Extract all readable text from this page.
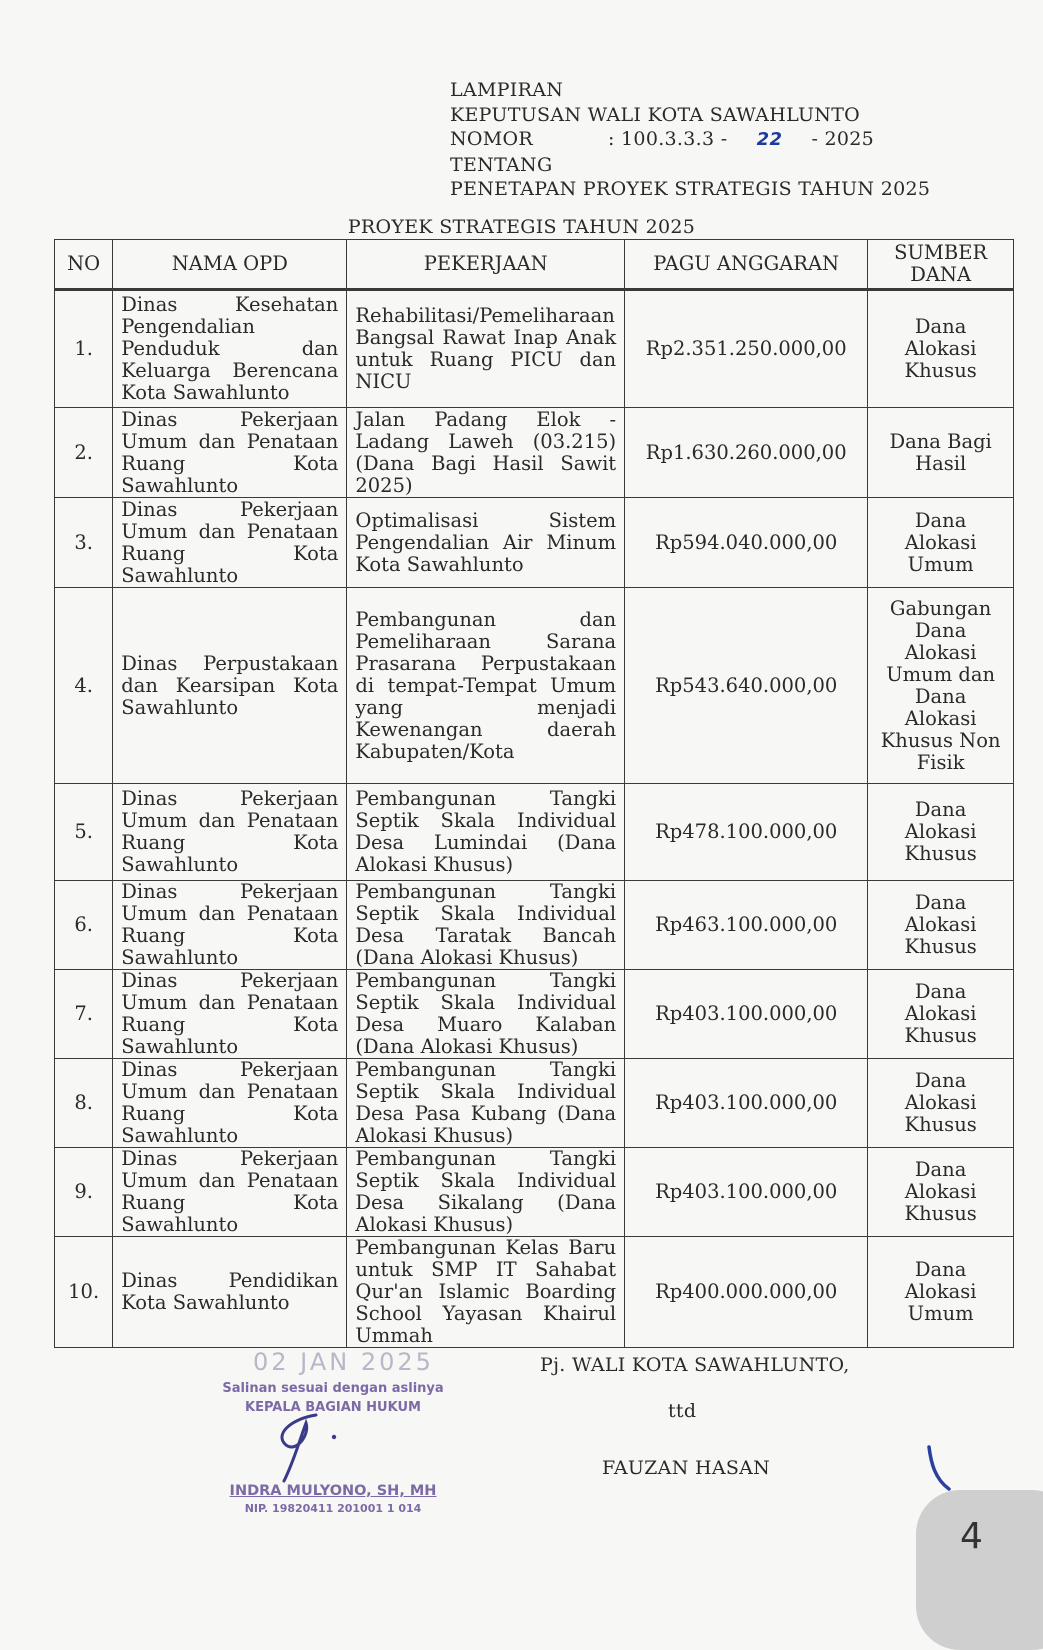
LAMPIRAN
KEPUTUSAN WALI KOTA SAWAHLUNTO
NOMOR	: 100.3.3.3 - 22 - 2025
TENTANG
PENETAPAN PROYEK STRATEGIS TAHUN 2025
PROYEK STRATEGIS TAHUN 2025
NO	NAMA OPD	PEKERJAAN	PAGU ANGGARAN	SUMBER DANA
1.	Dinas Kesehatan Pengendalian Penduduk dan Keluarga Berencana Kota Sawahlunto	Rehabilitasi/Pemeliharaan Bangsal Rawat Inap Anak untuk Ruang PICU dan NICU	Rp2.351.250.000,00	Dana Alokasi Khusus
2.	Dinas Pekerjaan Umum dan Penataan Ruang Kota Sawahlunto	Jalan Padang Elok - Ladang Laweh (03.215) (Dana Bagi Hasil Sawit 2025)	Rp1.630.260.000,00	Dana Bagi Hasil
3.	Dinas Pekerjaan Umum dan Penataan Ruang Kota Sawahlunto	Optimalisasi Sistem Pengendalian Air Minum Kota Sawahlunto	Rp594.040.000,00	Dana Alokasi Umum
4.	Dinas Perpustakaan dan Kearsipan Kota Sawahlunto	Pembangunan dan Pemeliharaan Sarana Prasarana Perpustakaan di tempat-Tempat Umum yang menjadi Kewenangan daerah Kabupaten/Kota	Rp543.640.000,00	Gabungan Dana Alokasi Umum dan Dana Alokasi Khusus Non Fisik
5.	Dinas Pekerjaan Umum dan Penataan Ruang Kota Sawahlunto	Pembangunan Tangki Septik Skala Individual Desa Lumindai (Dana Alokasi Khusus)	Rp478.100.000,00	Dana Alokasi Khusus
6.	Dinas Pekerjaan Umum dan Penataan Ruang Kota Sawahlunto	Pembangunan Tangki Septik Skala Individual Desa Taratak Bancah (Dana Alokasi Khusus)	Rp463.100.000,00	Dana Alokasi Khusus
7.	Dinas Pekerjaan Umum dan Penataan Ruang Kota Sawahlunto	Pembangunan Tangki Septik Skala Individual Desa Muaro Kalaban (Dana Alokasi Khusus)	Rp403.100.000,00	Dana Alokasi Khusus
8.	Dinas Pekerjaan Umum dan Penataan Ruang Kota Sawahlunto	Pembangunan Tangki Septik Skala Individual Desa Pasa Kubang (Dana Alokasi Khusus)	Rp403.100.000,00	Dana Alokasi Khusus
9.	Dinas Pekerjaan Umum dan Penataan Ruang Kota Sawahlunto	Pembangunan Tangki Septik Skala Individual Desa Sikalang (Dana Alokasi Khusus)	Rp403.100.000,00	Dana Alokasi Khusus
10.	Dinas Pendidikan Kota Sawahlunto	Pembangunan Kelas Baru untuk SMP IT Sahabat Qur'an Islamic Boarding School Yayasan Khairul Ummah	Rp400.000.000,00	Dana Alokasi Umum
02 JAN 2025
Salinan sesuai dengan aslinya
KEPALA BAGIAN HUKUM
INDRA MULYONO, SH, MH
NIP. 19820411 201001 1 014
Pj. WALI KOTA SAWAHLUNTO,
ttd
FAUZAN HASAN
4
